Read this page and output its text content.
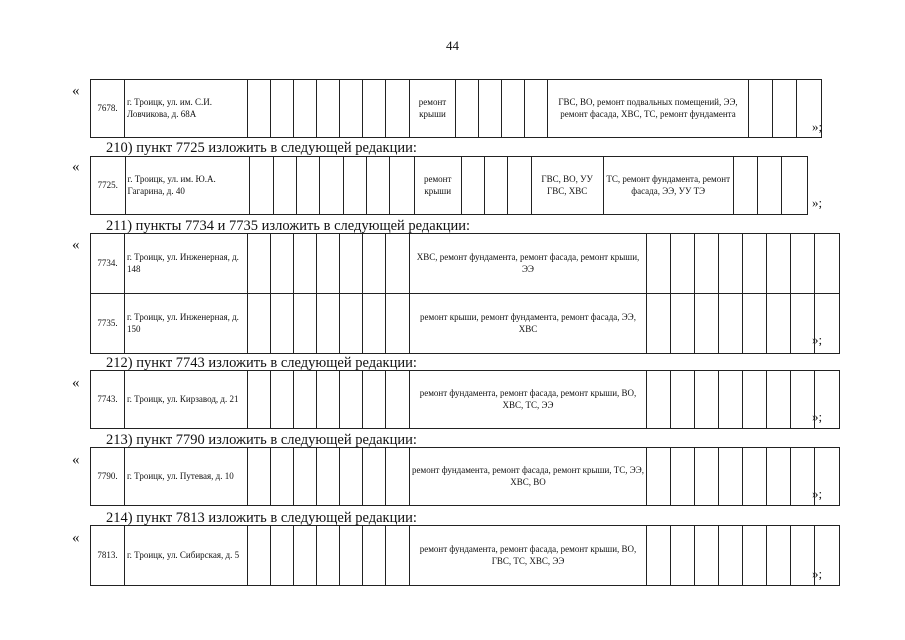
44
«
7678.	г. Троицк, ул. им. С.И. Ловчикова, д. 68А								ремонт крыши					ГВС, ВО, ремонт подвальных помещений, ЭЭ, ремонт фасада, ХВС, ТС, ремонт фундамента			
»;
210) пункт 7725 изложить в следующей редакции:
«
7725.	г. Троицк, ул. им. Ю.А. Гагарина, д. 40								ремонт крыши				ГВС, ВО, УУ ГВС, ХВС	ТС, ремонт фундамента, ремонт фасада, ЭЭ, УУ ТЭ			
»;
211) пункты 7734 и 7735 изложить в следующей редакции:
«
7734.	г. Троицк, ул. Инженерная, д. 148								ХВС, ремонт фундамента, ремонт фасада, ремонт крыши, ЭЭ								
7735.	г. Троицк, ул. Инженерная, д. 150								ремонт крыши, ремонт фундамента, ремонт фасада, ЭЭ, ХВС								
»;
212) пункт 7743 изложить в следующей редакции:
«
7743.	г. Троицк, ул. Кирзавод, д. 21								ремонт фундамента, ремонт фасада, ремонт крыши, ВО, ХВС, ТС, ЭЭ								
»;
213) пункт 7790 изложить в следующей редакции:
«
7790.	г. Троицк, ул. Путевая, д. 10								ремонт фундамента, ремонт фасада, ремонт крыши, ТС, ЭЭ, ХВС, ВО								
»;
214) пункт 7813 изложить в следующей редакции:
«
7813.	г. Троицк, ул. Сибирская, д. 5								ремонт фундамента, ремонт фасада, ремонт крыши, ВО, ГВС, ТС, ХВС, ЭЭ								
»;
